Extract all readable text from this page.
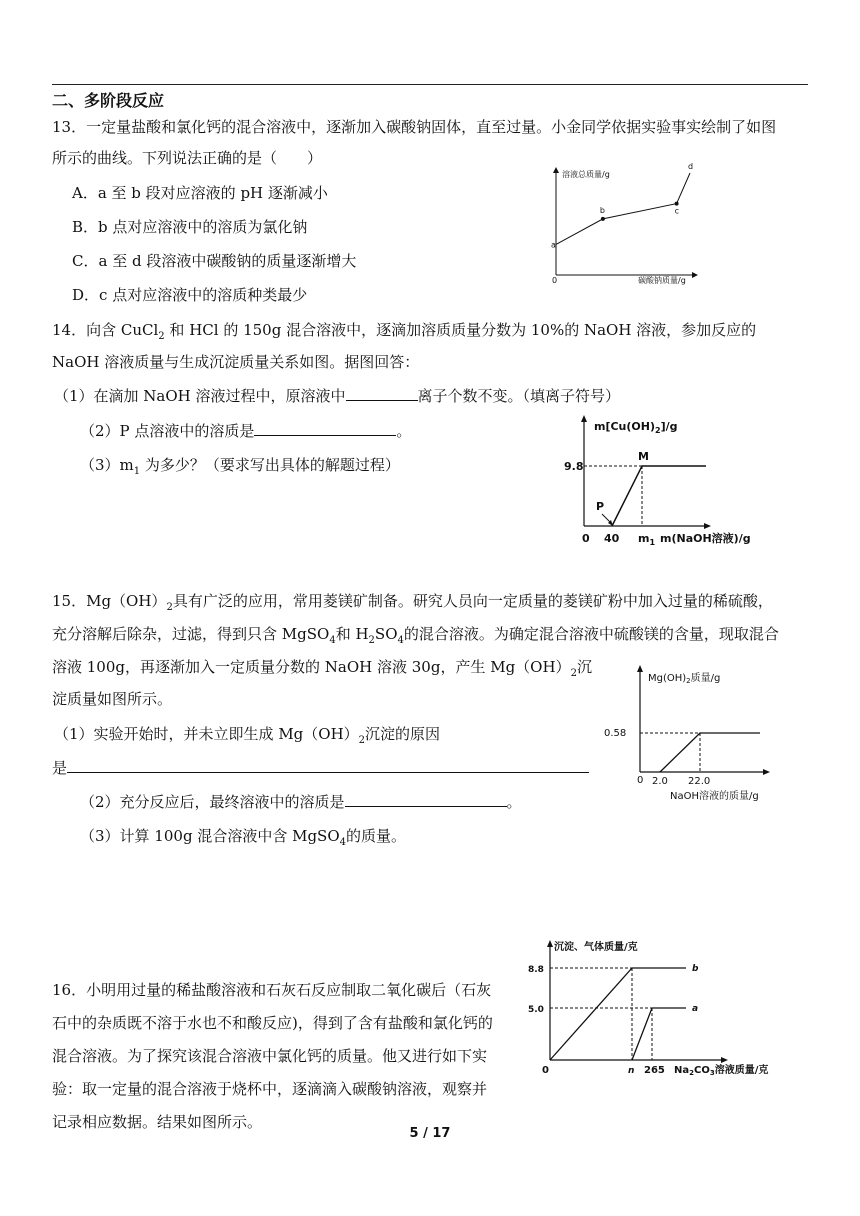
二、多阶段反应
13．一定量盐酸和氯化钙的混合溶液中，逐渐加入碳酸钠固体，直至过量。小金同学依据实验事实绘制了如图
所示的曲线。下列说法正确的是（　　）
A．a 至 b 段对应溶液的 pH 逐渐减小
B．b 点对应溶液中的溶质为氯化钠
C．a 至 d 段溶液中碳酸钠的质量逐渐增大
D．c 点对应溶液中的溶质种类最少
溶液总质量/g
碳酸钠质量/g
0
a
b	c
d
14．向含 CuCl$_2$ 和 HCl 的 150g 混合溶液中，逐滴加溶质质量分数为 10%的 NaOH 溶液，参加反应的
NaOH 溶液质量与生成沉淀质量关系如图。据图回答：
（1）在滴加 NaOH 溶液过程中，原溶液中	离子个数不变。（填离子符号）
（2）P 点溶液中的溶质是	。
$(3)m_1$ 为多少？（要求写出具体的解题过程）
$m[Cu(OH)_2]/g$
m(NaOH溶液)/g
0 40 $m_1$
9.8
P
M
15．$Mg(OH)_2$具有广泛的应用，常用菱镁矿制备。研究人员向一定质量的菱镁矿粉中加入过量的稀硫酸，
充分溶解后除杂，过滤，得到只含 MgSO$_4$和 $H_2SO_4$的混合溶液。为确定混合溶液中硫酸镁的含量，现取混合
溶液 100g，再逐渐加入一定质量分数的 NaOH 溶液 30g，产生 $Mg(OH)_2$沉
淀质量如图所示。
（1）实验开始时，并未立即生成 $Mg(OH)_2$沉淀的原因
是
（2）充分反应后，最终溶液中的溶质是	。
（3）计算 100g 混合溶液中含 MgSO$_4$的质量。
$Mg(OH)_2$质量/g
NaOH溶液的质量/g
0
0.58
2.0 22.0
16．小明用过量的稀盐酸溶液和石灰石反应制取二氧化碳后（石灰
石中的杂质既不溶于水也不和酸反应)，得到了含有盐酸和氯化钙的
混合溶液。为了探究该混合溶液中氯化钙的质量。他又进行如下实
验：取一定量的混合溶液于烧杯中，逐滴滴入碳酸钠溶液，观察并
记录相应数据。结果如图所示。
沉淀、气体质量/克
$Na_2CO_3$溶液质量/克
0
8.8
5.0
n 265
b
a
5 / 17
